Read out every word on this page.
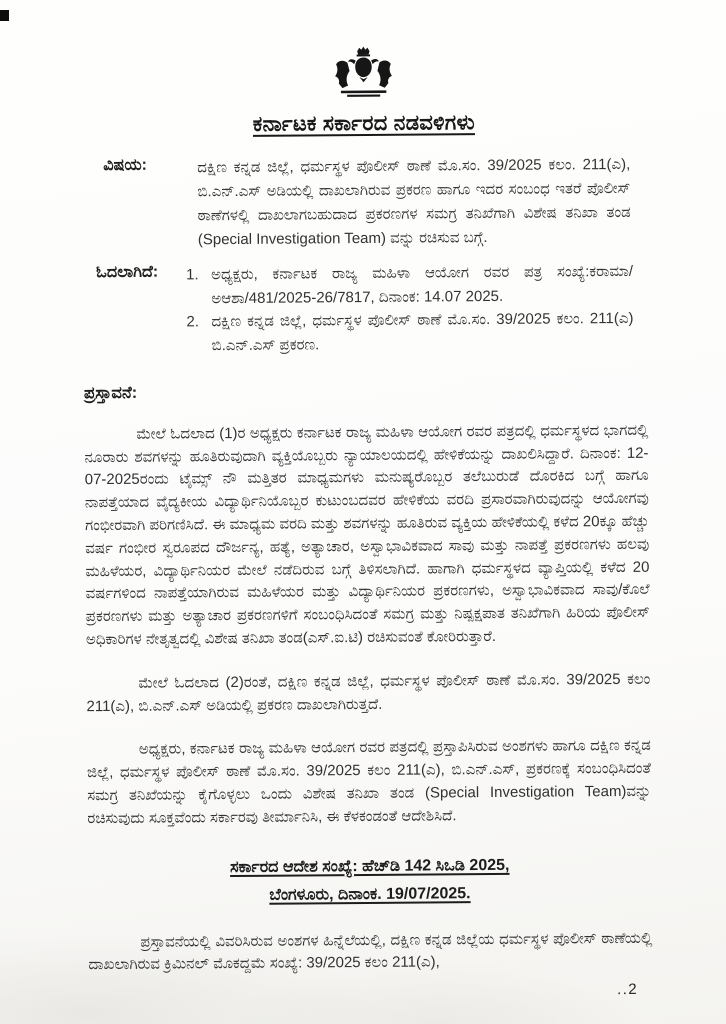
ಕರ್ನಾಟಕ ಸರ್ಕಾರದ ನಡವಳಿಗಳು
ವಿಷಯ:	ದಕ್ಷಿಣ ಕನ್ನಡ ಜಿಲ್ಲೆ, ಧರ್ಮಸ್ಥಳ ಪೊಲೀಸ್ ಠಾಣೆ ಮೊ.ಸಂ. 39/2025 ಕಲಂ. 211(ಎ), ಬಿ.ಎನ್.ಎಸ್ ಅಡಿಯಲ್ಲಿ ದಾಖಲಾಗಿರುವ ಪ್ರಕರಣ ಹಾಗೂ ಇದರ ಸಂಬಂಧ ಇತರೆ ಪೊಲೀಸ್ ಠಾಣೆಗಳಲ್ಲಿ ದಾಖಲಾಗಬಹುದಾದ ಪ್ರಕರಣಗಳ ಸಮಗ್ರ ತನಿಖೆಗಾಗಿ ವಿಶೇಷ ತನಿಖಾ ತಂಡ (Special Investigation Team) ವನ್ನು ರಚಿಸುವ ಬಗ್ಗೆ.
ಓದಲಾಗಿದೆ:	1. ಅಧ್ಯಕ್ಷರು, ಕರ್ನಾಟಕ ರಾಜ್ಯ ಮಹಿಳಾ ಆಯೋಗ ರವರ ಪತ್ರ ಸಂಖ್ಯೆ:ಕರಾಮಾ/ಅಆಶಾ/481/2025-26/7817, ದಿನಾಂಕ: 14.07 2025.
2. ದಕ್ಷಿಣ ಕನ್ನಡ ಜಿಲ್ಲೆ, ಧರ್ಮಸ್ಥಳ ಪೊಲೀಸ್ ಠಾಣೆ ಮೊ.ಸಂ. 39/2025 ಕಲಂ. 211(ಎ) ಬಿ.ಎನ್.ಎಸ್ ಪ್ರಕರಣ.
ಪ್ರಸ್ತಾವನೆ:

ಮೇಲೆ ಓದಲಾದ (1)ರ ಅಧ್ಯಕ್ಷರು ಕರ್ನಾಟಕ ರಾಜ್ಯ ಮಹಿಳಾ ಆಯೋಗ ರವರ ಪತ್ರದಲ್ಲಿ ಧರ್ಮಸ್ಥಳದ ಭಾಗದಲ್ಲಿ ನೂರಾರು ಶವಗಳನ್ನು ಹೂತಿರುವುದಾಗಿ ವ್ಯಕ್ತಿಯೊಬ್ಬರು ನ್ಯಾಯಾಲಯದಲ್ಲಿ ಹೇಳಿಕೆಯನ್ನು ದಾಖಲಿಸಿದ್ದಾರೆ. ದಿನಾಂಕ: 12-07-2025ರಂದು ಟೈಮ್ಸ್ ನೌ ಮತ್ತಿತರ ಮಾಧ್ಯಮಗಳು ಮನುಷ್ಯರೊಬ್ಬರ ತಲೆಬುರುಡೆ ದೊರಕಿದ ಬಗ್ಗೆ ಹಾಗೂ ನಾಪತ್ತೆಯಾದ ವೈದ್ಯಕೀಯ ವಿದ್ಯಾರ್ಥಿನಿಯೊಬ್ಬರ ಕುಟುಂಬದವರ ಹೇಳಿಕೆಯ ವರದಿ ಪ್ರಸಾರವಾಗಿರುವುದನ್ನು ಆಯೋಗವು ಗಂಭೀರವಾಗಿ ಪರಿಗಣಿಸಿದೆ. ಈ ಮಾಧ್ಯಮ ವರದಿ ಮತ್ತು ಶವಗಳನ್ನು ಹೂತಿರುವ ವ್ಯಕ್ತಿಯ ಹೇಳಿಕೆಯಲ್ಲಿ ಕಳೆದ 20ಕ್ಕೂ ಹೆಚ್ಚು ವರ್ಷ ಗಂಭೀರ ಸ್ವರೂಪದ ದೌರ್ಜನ್ಯ, ಹತ್ಯೆ, ಅತ್ಯಾಚಾರ, ಅಸ್ವಾಭಾವಿಕವಾದ ಸಾವು ಮತ್ತು ನಾಪತ್ತೆ ಪ್ರಕರಣಗಳು ಹಲವು ಮಹಿಳೆಯರ, ವಿದ್ಯಾರ್ಥಿನಿಯರ ಮೇಲೆ ನಡೆದಿರುವ ಬಗ್ಗೆ ತಿಳಿಸಲಾಗಿದೆ. ಹಾಗಾಗಿ ಧರ್ಮಸ್ಥಳದ ವ್ಯಾಪ್ತಿಯಲ್ಲಿ ಕಳೆದ 20 ವರ್ಷಗಳಿಂದ ನಾಪತ್ತೆಯಾಗಿರುವ ಮಹಿಳೆಯರ ಮತ್ತು ವಿದ್ಯಾರ್ಥಿನಿಯರ ಪ್ರಕರಣಗಳು, ಅಸ್ವಾಭಾವಿಕವಾದ ಸಾವು/ಕೊಲೆ ಪ್ರಕರಣಗಳು ಮತ್ತು ಅತ್ಯಾಚಾರ ಪ್ರಕರಣಗಳಿಗೆ ಸಂಬಂಧಿಸಿದಂತೆ ಸಮಗ್ರ ಮತ್ತು ನಿಷ್ಪಕ್ಷಪಾತ ತನಿಖೆಗಾಗಿ ಹಿರಿಯ ಪೊಲೀಸ್ ಅಧಿಕಾರಿಗಳ ನೇತೃತ್ವದಲ್ಲಿ ವಿಶೇಷ ತನಿಖಾ ತಂಡ(ಎಸ್.ಐ.ಟಿ) ರಚಿಸುವಂತೆ ಕೋರಿರುತ್ತಾರೆ.

ಮೇಲೆ ಓದಲಾದ (2)ರಂತೆ, ದಕ್ಷಿಣ ಕನ್ನಡ ಜಿಲ್ಲೆ, ಧರ್ಮಸ್ಥಳ ಪೊಲೀಸ್ ಠಾಣೆ ಮೊ.ಸಂ. 39/2025 ಕಲಂ 211(ಎ), ಬಿ.ಎನ್.ಎಸ್ ಅಡಿಯಲ್ಲಿ ಪ್ರಕರಣ ದಾಖಲಾಗಿರುತ್ತದೆ.

ಅಧ್ಯಕ್ಷರು, ಕರ್ನಾಟಕ ರಾಜ್ಯ ಮಹಿಳಾ ಆಯೋಗ ರವರ ಪತ್ರದಲ್ಲಿ ಪ್ರಸ್ತಾಪಿಸಿರುವ ಅಂಶಗಳು ಹಾಗೂ ದಕ್ಷಿಣ ಕನ್ನಡ ಜಿಲ್ಲೆ, ಧರ್ಮಸ್ಥಳ ಪೊಲೀಸ್ ಠಾಣೆ ಮೊ.ಸಂ. 39/2025 ಕಲಂ 211(ಎ), ಬಿ.ಎನ್.ಎಸ್, ಪ್ರಕರಣಕ್ಕೆ ಸಂಬಂಧಿಸಿದಂತೆ ಸಮಗ್ರ ತನಿಖೆಯನ್ನು ಕೈಗೊಳ್ಳಲು ಒಂದು ವಿಶೇಷ ತನಿಖಾ ತಂಡ (Special Investigation Team)ವನ್ನು ರಚಿಸುವುದು ಸೂಕ್ತವೆಂದು ಸರ್ಕಾರವು ತೀರ್ಮಾನಿಸಿ, ಈ ಕೆಳಕಂಡಂತೆ ಆದೇಶಿಸಿದೆ.

ಸರ್ಕಾರದ ಆದೇಶ ಸಂಖ್ಯೆ: ಹೆಚ್‌ಡಿ 142 ಸಿಒಡಿ 2025,
ಬೆಂಗಳೂರು, ದಿನಾಂಕ. 19/07/2025.

ಪ್ರಸ್ತಾವನೆಯಲ್ಲಿ ವಿವರಿಸಿರುವ ಅಂಶಗಳ ಹಿನ್ನೆಲೆಯಲ್ಲಿ, ದಕ್ಷಿಣ ಕನ್ನಡ ಜಿಲ್ಲೆಯ ಧರ್ಮಸ್ಥಳ ಪೊಲೀಸ್ ಠಾಣೆಯಲ್ಲಿ ದಾಖಲಾಗಿರುವ ಕ್ರಿಮಿನಲ್ ಮೊಕದ್ದಮೆ ಸಂಖ್ಯೆ: 39/2025 ಕಲಂ 211(ಎ),

..2
